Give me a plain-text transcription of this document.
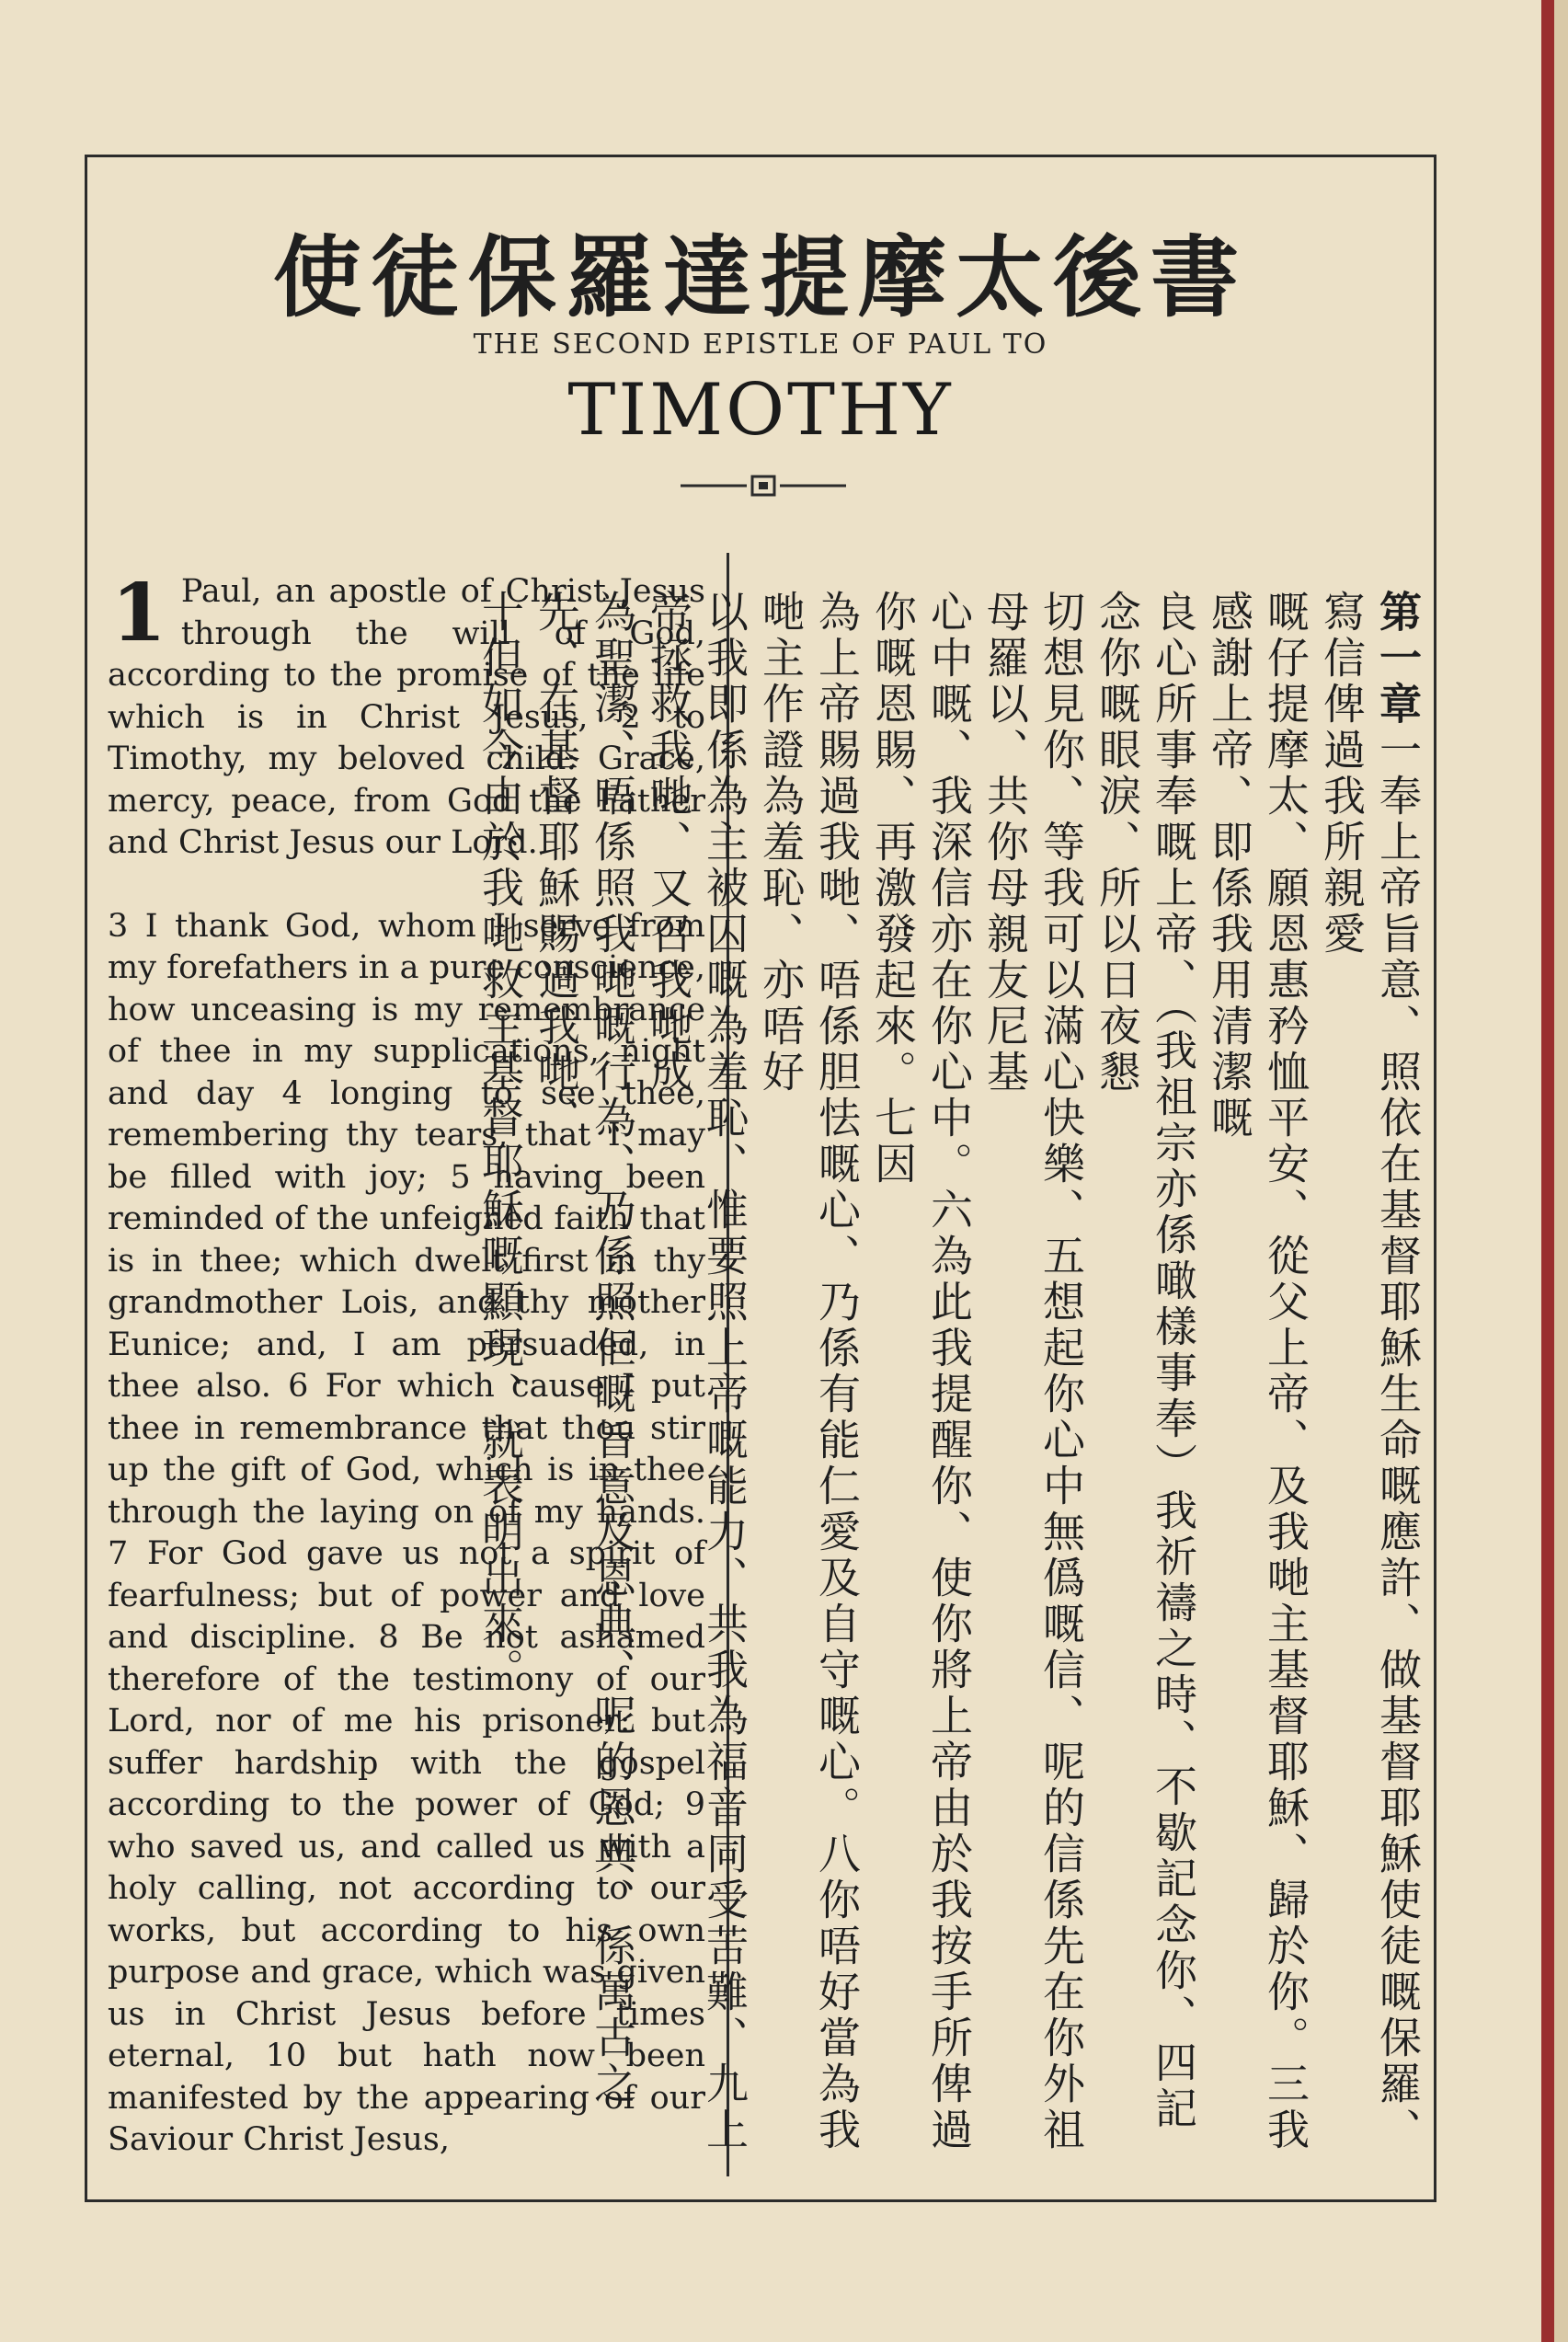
使徒保羅達提摩太後書
THE SECOND EPISTLE OF PAUL TO
TIMOTHY
1 Paul, an apostle of Christ Jesus through the will of God, according to the promise of the life which is in Christ Jesus, 2 to Timothy, my beloved child: Grace, mercy, peace, from God the Father and Christ Jesus our Lord.

3 I thank God, whom I serve from my forefathers in a pure conscience, how unceasing is my remembrance of thee in my supplications, night and day 4 longing to see thee, remembering thy tears, that I may be filled with joy; 5 having been reminded of the unfeigned faith that is in thee; which dwelt first in thy grandmother Lois, and thy mother Eunice; and, I am persuaded, in thee also. 6 For which cause I put thee in remembrance that thou stir up the gift of God, which is in thee through the laying on of my hands. 7 For God gave us not a spirit of fearfulness; but of power and love and discipline. 8 Be not ashamed therefore of the testimony of our Lord, nor of me his prisoner: but suffer hardship with the gospel according to the power of God; 9 who saved us, and called us with a holy calling, not according to our works, but according to his own purpose and grace, which was given us in Christ Jesus before times eternal, 10 but hath now been manifested by the appearing of our Saviour Christ Jesus,

第一章一奉上帝旨意、照依在基督耶穌生命嘅應許、做基督耶穌使徒嘅保羅、寫信俾過我所親愛

嘅仔提摩太、願恩惠矜恤平安、從父上帝、及我哋主基督耶穌、歸於你。三我感謝上帝、即係我用清潔嘅

良心所事奉嘅上帝、（我祖宗亦係噉樣事奉）我祈禱之時、不歇記念你、四記念你嘅眼淚、所以日夜懇

切想見你、等我可以滿心快樂、五想起你心中無僞嘅信、呢的信係先在你外祖母羅以、共你母親友尼基

心中嘅、我深信亦在你心中。六為此我提醒你、使你將上帝由於我按手所俾過你嘅恩賜、再激發起來。七因

為上帝賜過我哋、唔係胆怯嘅心、乃係有能仁愛及自守嘅心。八你唔好當為我哋主作證為羞恥、亦唔好

以我即係為主被囚嘅為羞恥、惟要照上帝嘅能力、共我為福音同受苦難、九上帝拯救我哋、又召我哋成

為聖潔、唔係照我哋嘅行為、乃係照佢嘅旨意及恩典、呢的恩典、係萬古之先、在基督耶穌賜過我哋、

十但如今由於我哋救主基督耶穌嘅顯現、就表明出來。
